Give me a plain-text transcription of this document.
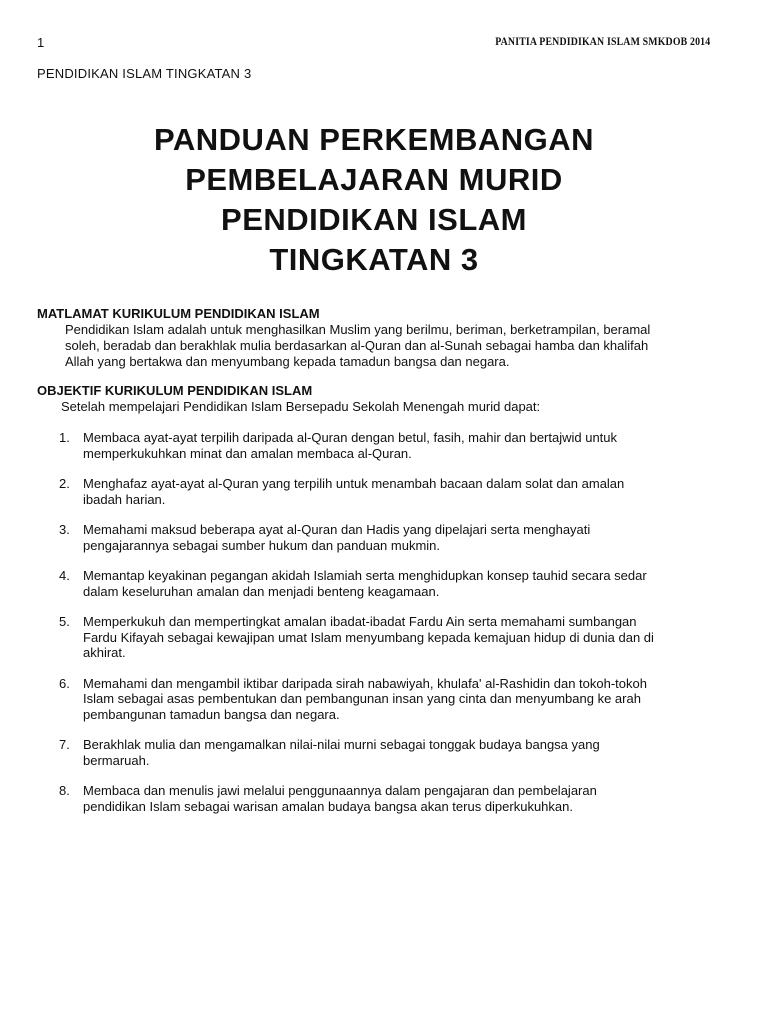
1	PANITIA PENDIDIKAN ISLAM SMKDOB 2014
PENDIDIKAN ISLAM TINGKATAN 3
PANDUAN PERKEMBANGAN
PEMBELAJARAN MURID
PENDIDIKAN ISLAM
TINGKATAN 3
MATLAMAT KURIKULUM PENDIDIKAN ISLAM
Pendidikan Islam adalah untuk menghasilkan Muslim yang berilmu, beriman, berketrampilan, beramal
soleh, beradab dan berakhlak mulia berdasarkan al-Quran dan al-Sunah sebagai hamba dan khalifah
Allah yang bertakwa dan menyumbang kepada tamadun bangsa dan negara.
OBJEKTIF KURIKULUM PENDIDIKAN ISLAM
Setelah mempelajari Pendidikan Islam Bersepadu Sekolah Menengah murid dapat:
1. Membaca ayat-ayat terpilih daripada al-Quran dengan betul, fasih, mahir dan bertajwid untuk
memperkukuhkan minat dan amalan membaca al-Quran.
2. Menghafaz ayat-ayat al-Quran yang terpilih untuk menambah bacaan dalam solat dan amalan
ibadah harian.
3. Memahami maksud beberapa ayat al-Quran dan Hadis yang dipelajari serta menghayati
pengajarannya sebagai sumber hukum dan panduan mukmin.
4. Memantap keyakinan pegangan akidah Islamiah serta menghidupkan konsep tauhid secara sedar
dalam keseluruhan amalan dan menjadi benteng keagamaan.
5. Memperkukuh dan mempertingkat amalan ibadat-ibadat Fardu Ain serta memahami sumbangan
Fardu Kifayah sebagai kewajipan umat Islam menyumbang kepada kemajuan hidup di dunia dan di
akhirat.
6. Memahami dan mengambil iktibar daripada sirah nabawiyah, khulafa' al-Rashidin dan tokoh-tokoh
Islam sebagai asas pembentukan dan pembangunan insan yang cinta dan menyumbang ke arah
pembangunan tamadun bangsa dan negara.
7. Berakhlak mulia dan mengamalkan nilai-nilai murni sebagai tonggak budaya bangsa yang
bermaruah.
8. Membaca dan menulis jawi melalui penggunaannya dalam pengajaran dan pembelajaran
pendidikan Islam sebagai warisan amalan budaya bangsa akan terus diperkukuhkan.
